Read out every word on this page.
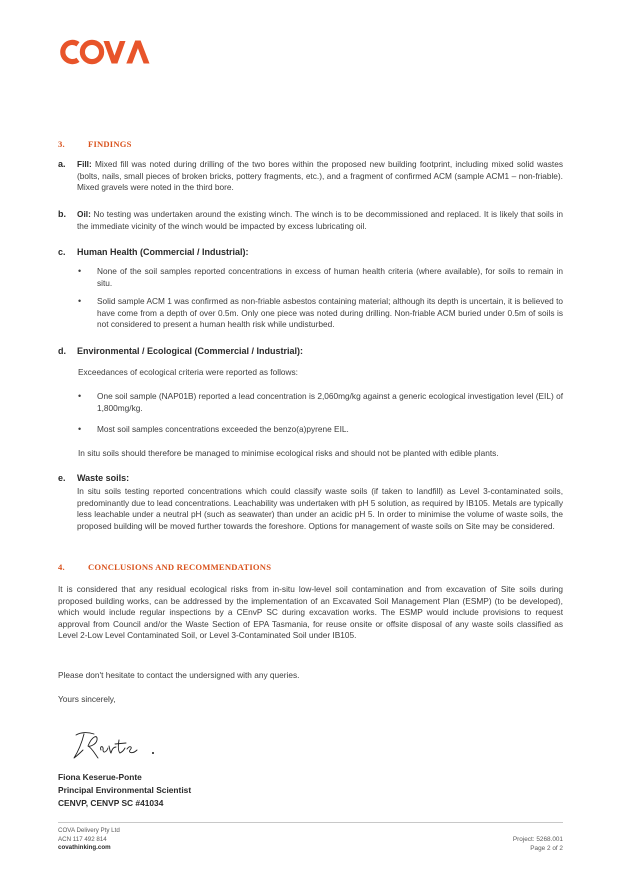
3.	FINDINGS
a. Fill: Mixed fill was noted during drilling of the two bores within the proposed new building footprint, including mixed solid wastes (bolts, nails, small pieces of broken bricks, pottery fragments, etc.), and a fragment of confirmed ACM (sample ACM1 – non-friable). Mixed gravels were noted in the third bore.
b. Oil: No testing was undertaken around the existing winch. The winch is to be decommissioned and replaced. It is likely that soils in the immediate vicinity of the winch would be impacted by excess lubricating oil.
c. Human Health (Commercial / Industrial):
• None of the soil samples reported concentrations in excess of human health criteria (where available), for soils to remain in situ.
• Solid sample ACM 1 was confirmed as non-friable asbestos containing material; although its depth is uncertain, it is believed to have come from a depth of over 0.5m. Only one piece was noted during drilling. Non-friable ACM buried under 0.5m of soils is not considered to present a human health risk while undisturbed.
d. Environmental / Ecological (Commercial / Industrial):
Exceedances of ecological criteria were reported as follows:
• One soil sample (NAP01B) reported a lead concentration is 2,060mg/kg against a generic ecological investigation level (EIL) of 1,800mg/kg.
• Most soil samples concentrations exceeded the benzo(a)pyrene EIL.
In situ soils should therefore be managed to minimise ecological risks and should not be planted with edible plants.
e. Waste soils:
In situ soils testing reported concentrations which could classify waste soils (if taken to landfill) as Level 3-contaminated soils, predominantly due to lead concentrations. Leachability was undertaken with pH 5 solution, as required by IB105. Metals are typically less leachable under a neutral pH (such as seawater) than under an acidic pH 5. In order to minimise the volume of waste soils, the proposed building will be moved further towards the foreshore. Options for management of waste soils on Site may be considered.
4.	CONCLUSIONS AND RECOMMENDATIONS
It is considered that any residual ecological risks from in-situ low-level soil contamination and from excavation of Site soils during proposed building works, can be addressed by the implementation of an Excavated Soil Management Plan (ESMP) (to be developed), which would include regular inspections by a CEnvP SC during excavation works. The ESMP would include provisions to request approval from Council and/or the Waste Section of EPA Tasmania, for reuse onsite or offsite disposal of any waste soils classified as Level 2-Low Level Contaminated Soil, or Level 3-Contaminated Soil under IB105.
Please don't hesitate to contact the undersigned with any queries.
Yours sincerely,
Fiona Keserue-Ponte
Principal Environmental Scientist
CENVP, CENVP SC #41034
COVA Delivery Pty Ltd
ACN 117 492 814
covathinking.com
Project: 5268.001
Page 2 of 2
